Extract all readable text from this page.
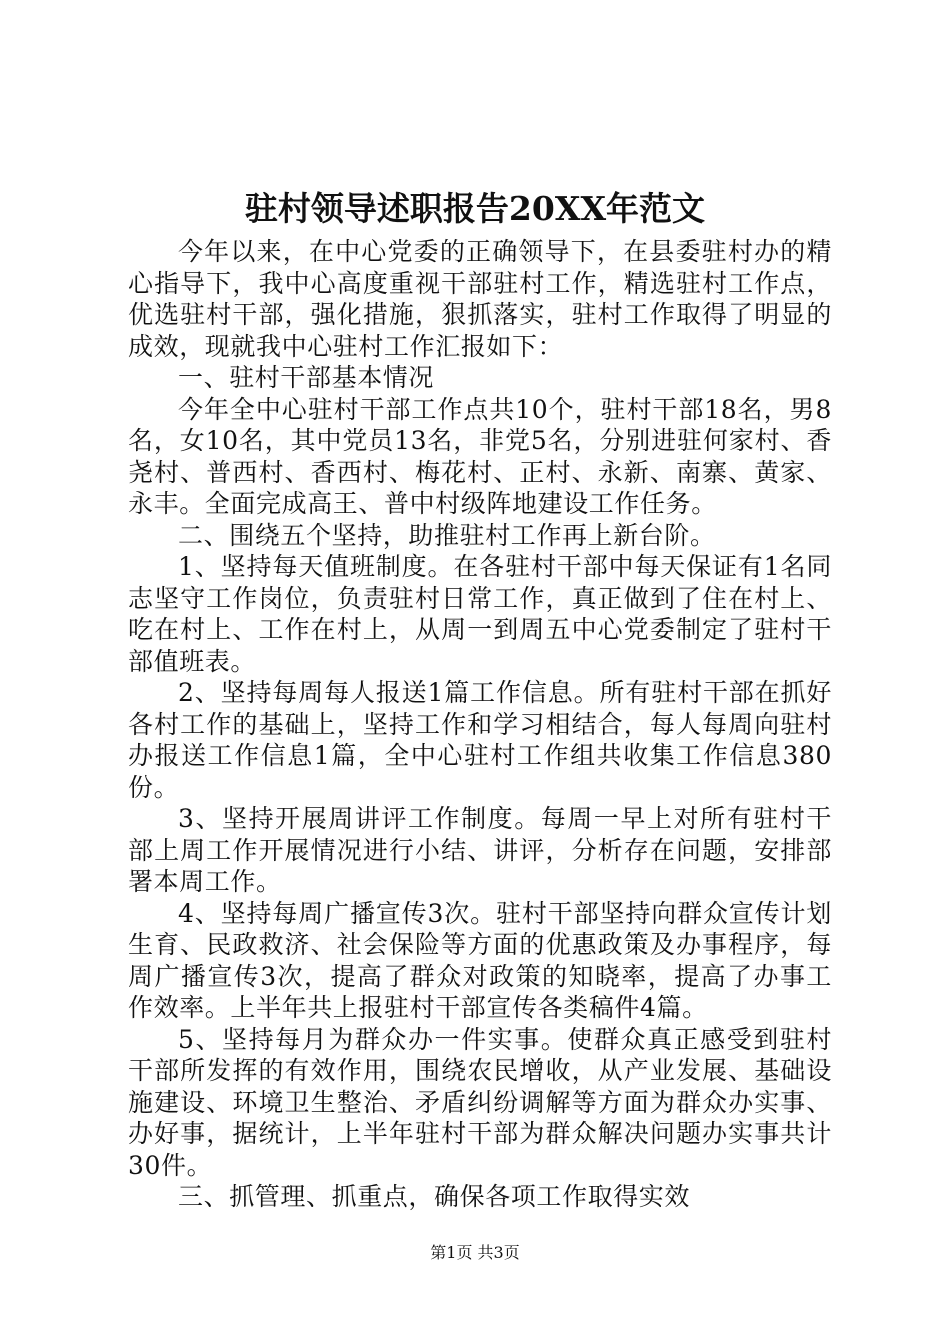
驻村领导述职报告20XX年范文

今年以来，在中心党委的正确领导下，在县委驻村办的精心指导下，我中心高度重视干部驻村工作，精选驻村工作点，优选驻村干部，强化措施，狠抓落实，驻村工作取得了明显的成效，现就我中心驻村工作汇报如下：

一、驻村干部基本情况

今年全中心驻村干部工作点共10个，驻村干部18名，男8名，女10名，其中党员13名，非党5名，分别进驻何家村、香尧村、普西村、香西村、梅花村、正村、永新、南寨、黄家、永丰。全面完成高王、普中村级阵地建设工作任务。

二、围绕五个坚持，助推驻村工作再上新台阶。

1、坚持每天值班制度。在各驻村干部中每天保证有1名同志坚守工作岗位，负责驻村日常工作，真正做到了住在村上、吃在村上、工作在村上，从周一到周五中心党委制定了驻村干部值班表。

2、坚持每周每人报送1篇工作信息。所有驻村干部在抓好各村工作的基础上，坚持工作和学习相结合，每人每周向驻村办报送工作信息1篇，全中心驻村工作组共收集工作信息380份。

3、坚持开展周讲评工作制度。每周一早上对所有驻村干部上周工作开展情况进行小结、讲评，分析存在问题，安排部署本周工作。

4、坚持每周广播宣传3次。驻村干部坚持向群众宣传计划生育、民政救济、社会保险等方面的优惠政策及办事程序，每周广播宣传3次，提高了群众对政策的知晓率，提高了办事工作效率。上半年共上报驻村干部宣传各类稿件4篇。

5、坚持每月为群众办一件实事。使群众真正感受到驻村干部所发挥的有效作用，围绕农民增收，从产业发展、基础设施建设、环境卫生整治、矛盾纠纷调解等方面为群众办实事、办好事，据统计，上半年驻村干部为群众解决问题办实事共计30件。

三、抓管理、抓重点，确保各项工作取得实效

第1页 共3页
